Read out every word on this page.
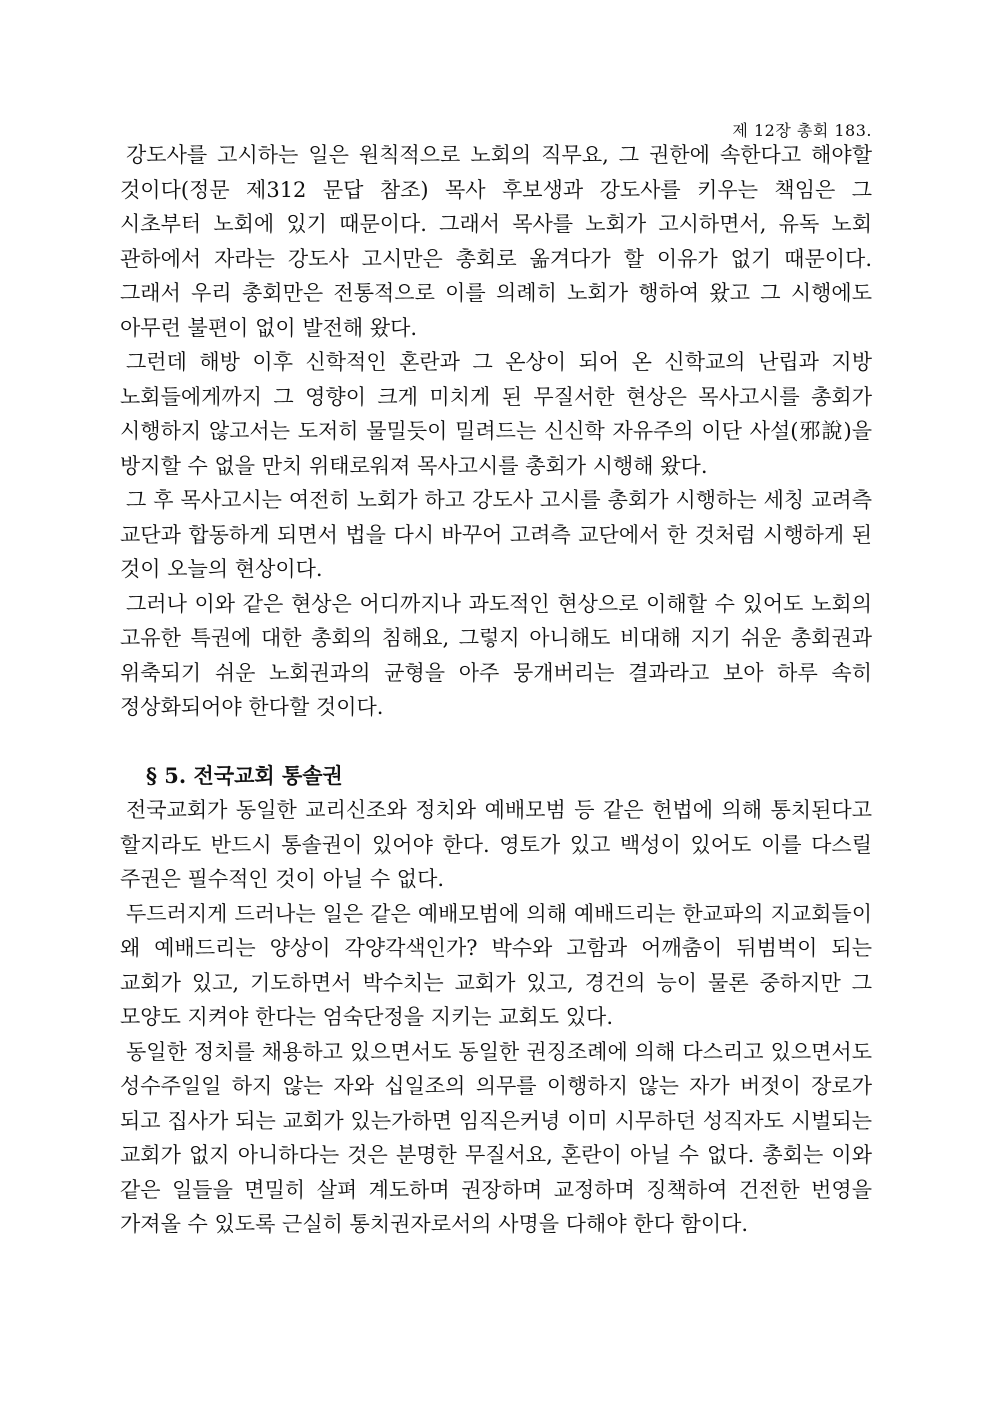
제 12장 총회 183.

강도사를 고시하는 일은 원칙적으로 노회의 직무요, 그 권한에 속한다고 해야할 것이다(정문 제312 문답 참조) 목사 후보생과 강도사를 키우는 책임은 그 시초부터 노회에 있기 때문이다. 그래서 목사를 노회가 고시하면서, 유독 노회 관하에서 자라는 강도사 고시만은 총회로 옮겨다가 할 이유가 없기 때문이다. 그래서 우리 총회만은 전통적으로 이를 의례히 노회가 행하여 왔고 그 시행에도 아무런 불편이 없이 발전해 왔다.

그런데 해방 이후 신학적인 혼란과 그 온상이 되어 온 신학교의 난립과 지방 노회들에게까지 그 영향이 크게 미치게 된 무질서한 현상은 목사고시를 총회가 시행하지 않고서는 도저히 물밀듯이 밀려드는 신신학 자유주의 이단 사설(邪說)을 방지할 수 없을 만치 위태로워져 목사고시를 총회가 시행해 왔다.

그 후 목사고시는 여전히 노회가 하고 강도사 고시를 총회가 시행하는 세칭 교려측 교단과 합동하게 되면서 법을 다시 바꾸어 고려측 교단에서 한 것처럼 시행하게 된 것이 오늘의 현상이다.

그러나 이와 같은 현상은 어디까지나 과도적인 현상으로 이해할 수 있어도 노회의 고유한 특권에 대한 총회의 침해요, 그렇지 아니해도 비대해 지기 쉬운 총회권과 위축되기 쉬운 노회권과의 균형을 아주 뭉개버리는 결과라고 보아 하루 속히 정상화되어야 한다할 것이다.

§ 5. 전국교회 통솔권

전국교회가 동일한 교리신조와 정치와 예배모범 등 같은 헌법에 의해 통치된다고 할지라도 반드시 통솔권이 있어야 한다. 영토가 있고 백성이 있어도 이를 다스릴 주권은 필수적인 것이 아닐 수 없다.

두드러지게 드러나는 일은 같은 예배모범에 의해 예배드리는 한교파의 지교회들이 왜 예배드리는 양상이 각양각색인가? 박수와 고함과 어깨춤이 뒤범벅이 되는 교회가 있고, 기도하면서 박수치는 교회가 있고, 경건의 능이 물론 중하지만 그 모양도 지켜야 한다는 엄숙단정을 지키는 교회도 있다.

동일한 정치를 채용하고 있으면서도 동일한 권징조례에 의해 다스리고 있으면서도 성수주일일 하지 않는 자와 십일조의 의무를 이행하지 않는 자가 버젓이 장로가 되고 집사가 되는 교회가 있는가하면 임직은커녕 이미 시무하던 성직자도 시벌되는 교회가 없지 아니하다는 것은 분명한 무질서요, 혼란이 아닐 수 없다. 총회는 이와 같은 일들을 면밀히 살펴 계도하며 권장하며 교정하며 징책하여 건전한 번영을 가져올 수 있도록 근실히 통치권자로서의 사명을 다해야 한다 함이다.
